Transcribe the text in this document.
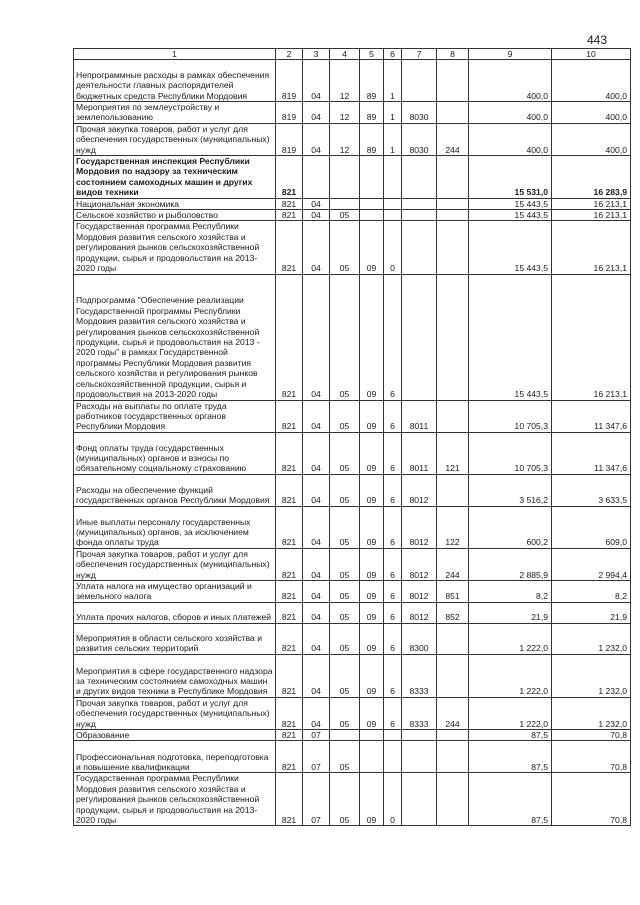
443
1	2	3	4	5	6	7	8	9	10
Непрограммные расходы в рамках обеспечения деятельности главных распорядителей бюджетных средств Республики Мордовия	819	04	12	89	1			400,0	400,0
Мероприятия по землеустройству и землепользованию	819	04	12	89	1	8030		400,0	400,0
Прочая закупка товаров, работ и услуг для обеспечения государственных (муниципальных) нужд	819	04	12	89	1	8030	244	400,0	400,0
Государственная инспекция Республики Мордовия по надзору за техническим состоянием самоходных машин и других видов техники	821							15 531,0	16 283,9
Национальная экономика	821	04						15 443,5	16 213,1
Сельское хозяйство и рыболовство	821	04	05					15 443,5	16 213,1
Государственная программа Республики Мордовия развития сельского хозяйства и регулирования рынков сельскохозяйственной продукции, сырья и продовольствия на 2013-2020 годы	821	04	05	09	0			15 443,5	16 213,1
Подпрограмма "Обеспечение реализации Государственной программы Республики Мордовия развития сельского хозяйства и регулирования рынков сельскохозяйственной продукции, сырья и продовольствия на 2013 - 2020 годы" в рамках Государственной программы Республики Мордовия развития сельского хозяйства и регулирования рынков сельскохозяйственной продукции, сырья и продовольствия на 2013-2020 годы	821	04	05	09	6			15 443,5	16 213,1
Расходы на выплаты по оплате труда работников государственных органов Республики Мордовия	821	04	05	09	6	8011		10 705,3	11 347,6
Фонд оплаты труда государственных (муниципальных) органов и взносы по обязательному социальному страхованию	821	04	05	09	6	8011	121	10 705,3	11 347,6
Расходы на обеспечение функций государственных органов Республики Мордовия	821	04	05	09	6	8012		3 516,2	3 633,5
Иные выплаты персоналу государственных (муниципальных) органов, за исключением фонда оплаты труда	821	04	05	09	6	8012	122	600,2	609,0
Прочая закупка товаров, работ и услуг для обеспечения государственных (муниципальных) нужд	821	04	05	09	6	8012	244	2 885,9	2 994,4
Уплата налога на имущество организаций и земельного налога	821	04	05	09	6	8012	851	8,2	8,2
Уплата прочих налогов, сборов и иных платежей	821	04	05	09	6	8012	852	21,9	21,9
Мероприятия в области сельского хозяйства и развития сельских территорий	821	04	05	09	6	8300		1 222,0	1 232,0
Мероприятия в сфере государственного надзора за техническим состоянием самоходных машин и других видов техники в Республике Мордовия	821	04	05	09	6	8333		1 222,0	1 232,0
Прочая закупка товаров, работ и услуг для обеспечения государственных (муниципальных) нужд	821	04	05	09	6	8333	244	1 222,0	1 232,0
Образование	821	07						87,5	70,8
Профессиональная подготовка, переподготовка и повышение квалификации	821	07	05					87,5	70,8
Государственная программа Республики Мордовия развития сельского хозяйства и регулирования рынков сельскохозяйственной продукции, сырья и продовольствия на 2013-2020 годы	821	07	05	09	0			87,5	70,8
